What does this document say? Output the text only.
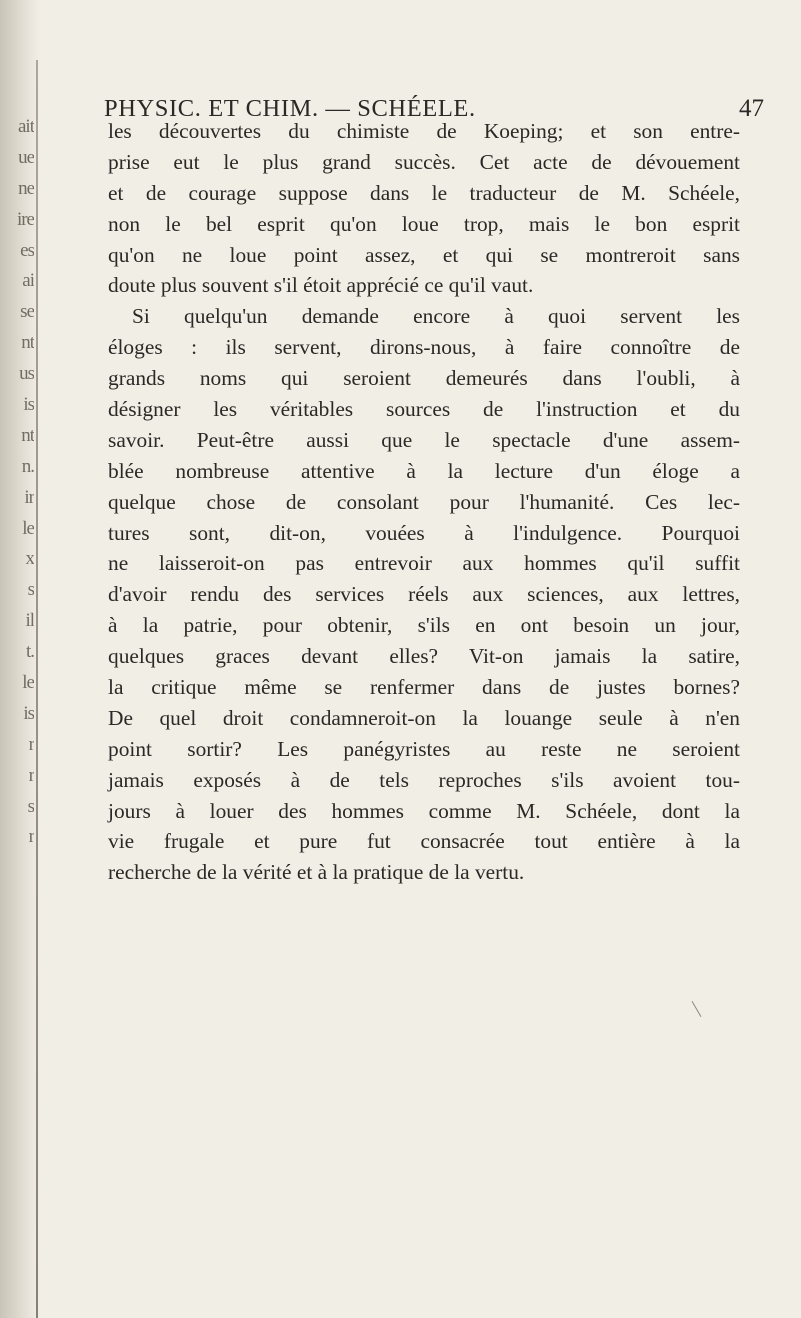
ait
ue
ne
ire
es
ai
se
nt
us
is
nt
n.
ir
le
x
s
il
t.
le
is
r
r
s
r
PHYSIC. ET CHIM. — SCHÉELE.	47
les découvertes du chimiste de Koeping; et son entre-
prise eut le plus grand succès. Cet acte de dévouement
et de courage suppose dans le traducteur de M. Schéele,
non le bel esprit qu'on loue trop, mais le bon esprit
qu'on ne loue point assez, et qui se montreroit sans
doute plus souvent s'il étoit apprécié ce qu'il vaut.
Si quelqu'un demande encore à quoi servent les
éloges : ils servent, dirons-nous, à faire connoître de
grands noms qui seroient demeurés dans l'oubli, à
désigner les véritables sources de l'instruction et du
savoir. Peut-être aussi que le spectacle d'une assem-
blée nombreuse attentive à la lecture d'un éloge a
quelque chose de consolant pour l'humanité. Ces lec-
tures sont, dit-on, vouées à l'indulgence. Pourquoi
ne laisseroit-on pas entrevoir aux hommes qu'il suffit
d'avoir rendu des services réels aux sciences, aux lettres,
à la patrie, pour obtenir, s'ils en ont besoin un jour,
quelques graces devant elles? Vit-on jamais la satire,
la critique même se renfermer dans de justes bornes?
De quel droit condamneroit-on la louange seule à n'en
point sortir? Les panégyristes au reste ne seroient
jamais exposés à de tels reproches s'ils avoient tou-
jours à louer des hommes comme M. Schéele, dont la
vie frugale et pure fut consacrée tout entière à la
recherche de la vérité et à la pratique de la vertu.
